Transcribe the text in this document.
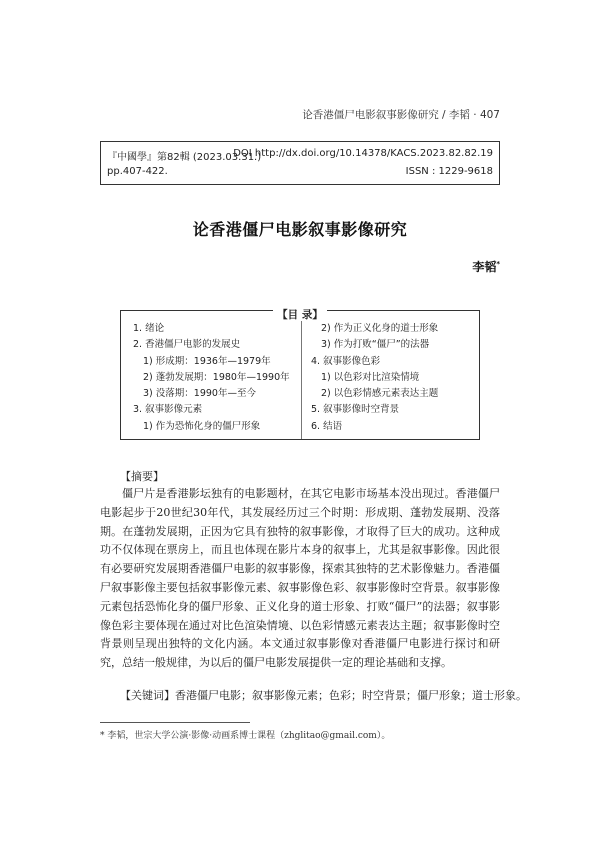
论香港僵尸电影叙事影像研究 / 李韬 · 407
『中國學』第82輯 (2023.03.31.)
DOI http://dx.doi.org/10.14378/KACS.2023.82.82.19
pp.407-422.	ISSN : 1229-9618
论香港僵尸电影叙事影像研究
李韬*
【目 录】
1. 绪论
2. 香港僵尸电影的发展史
1) 形成期：1936年—1979年
2) 蓬勃发展期：1980年—1990年
3) 没落期：1990年—至今
3. 叙事影像元素
1) 作为恐怖化身的僵尸形象
2) 作为正义化身的道士形象
3) 作为打败“僵尸”的法器
4. 叙事影像色彩
1) 以色彩对比渲染情境
2) 以色彩情感元素表达主题
5. 叙事影像时空背景
6. 结语
【摘要】

僵尸片是香港影坛独有的电影题材，在其它电影市场基本没出现过。香港僵尸电影起步于20世纪30年代，其发展经历过三个时期：形成期、蓬勃发展期、没落期。在蓬勃发展期，正因为它具有独特的叙事影像，才取得了巨大的成功。这种成功不仅体现在票房上，而且也体现在影片本身的叙事上，尤其是叙事影像。因此很有必要研究发展期香港僵尸电影的叙事影像，探索其独特的艺术影像魅力。香港僵尸叙事影像主要包括叙事影像元素、叙事影像色彩、叙事影像时空背景。叙事影像元素包括恐怖化身的僵尸形象、正义化身的道士形象、打败“僵尸”的法器；叙事影像色彩主要体现在通过对比色渲染情境、以色彩情感元素表达主题；叙事影像时空背景则呈现出独特的文化内涵。本文通过叙事影像对香港僵尸电影进行探讨和研究，总结一般规律，为以后的僵尸电影发展提供一定的理论基础和支撑。

【关键词】香港僵尸电影；叙事影像元素；色彩；时空背景；僵尸形象；道士形象。
* 李韬，世宗大学公演·影像·动画系博士课程（zhglitao@gmail.com）。
